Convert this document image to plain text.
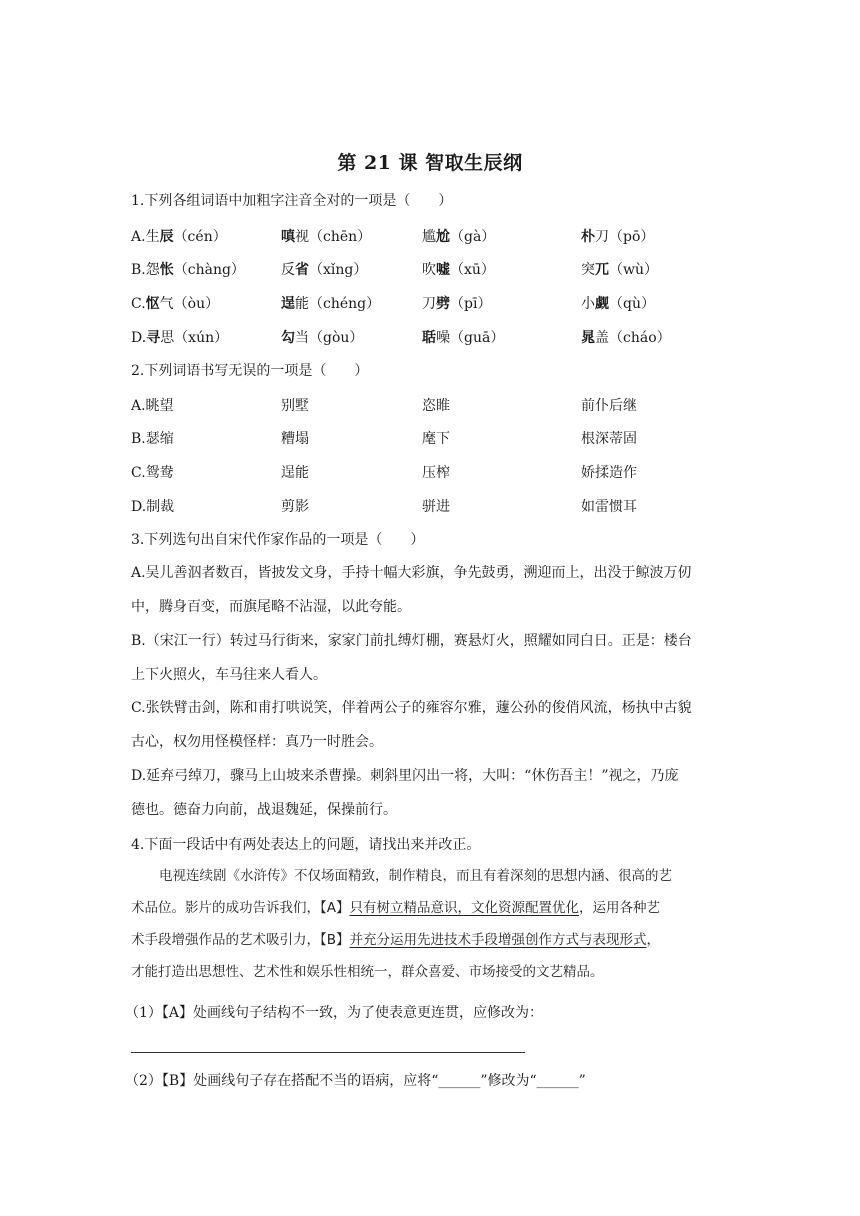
第 21 课 智取生辰纲
1.下列各组词语中加粗字注音全对的一项是（　　）
A.生辰（cén）	嗔视（chēn）	尴尬（gà）	朴刀（pō）
B.怨怅（chàng）	反省（xǐng）	吹嘘（xū）	突兀（wù）
C.怄气（òu）	逞能（chéng）	刀劈（pī）	小觑（qù）
D.寻思（xún）	勾当（gòu）	聒噪（guā）	晁盖（cháo）
2.下列词语书写无误的一项是（　　）
A.眺望	别墅	恣睢	前仆后继
B.瑟缩	糟塌	麾下	根深蒂固
C.鸳鸯	逞能	压榨	娇揉造作
D.制裁	剪影	骈进	如雷惯耳
3.下列选句出自宋代作家作品的一项是（　　）
A.吴儿善泅者数百，皆披发文身，手持十幅大彩旗，争先鼓勇，溯迎而上，出没于鲸波万仞
中，腾身百变，而旗尾略不沾湿，以此夸能。
B.（宋江一行）转过马行街来，家家门前扎缚灯棚，赛悬灯火，照耀如同白日。正是：楼台
上下火照火，车马往来人看人。
C.张铁臂击剑，陈和甫打哄说笑，伴着两公子的雍容尔雅，蘧公孙的俊俏风流，杨执中古貌
古心，权勿用怪模怪样：真乃一时胜会。
D.延弃弓绰刀，骤马上山坡来杀曹操。刺斜里闪出一将，大叫：“休伤吾主！”视之，乃庞
德也。德奋力向前，战退魏延，保操前行。
4.下面一段话中有两处表达上的问题，请找出来并改正。
电视连续剧《水浒传》不仅场面精致，制作精良，而且有着深刻的思想内涵、很高的艺
术品位。影片的成功告诉我们，【A】只有树立精品意识，文化资源配置优化，运用各种艺
术手段增强作品的艺术吸引力，【B】并充分运用先进技术手段增强创作方式与表现形式，
才能打造出思想性、艺术性和娱乐性相统一，群众喜爱、市场接受的文艺精品。
（1）【A】处画线句子结构不一致，为了使表意更连贯，应修改为：
（2）【B】处画线句子存在搭配不当的语病，应将“______”修改为“______”
